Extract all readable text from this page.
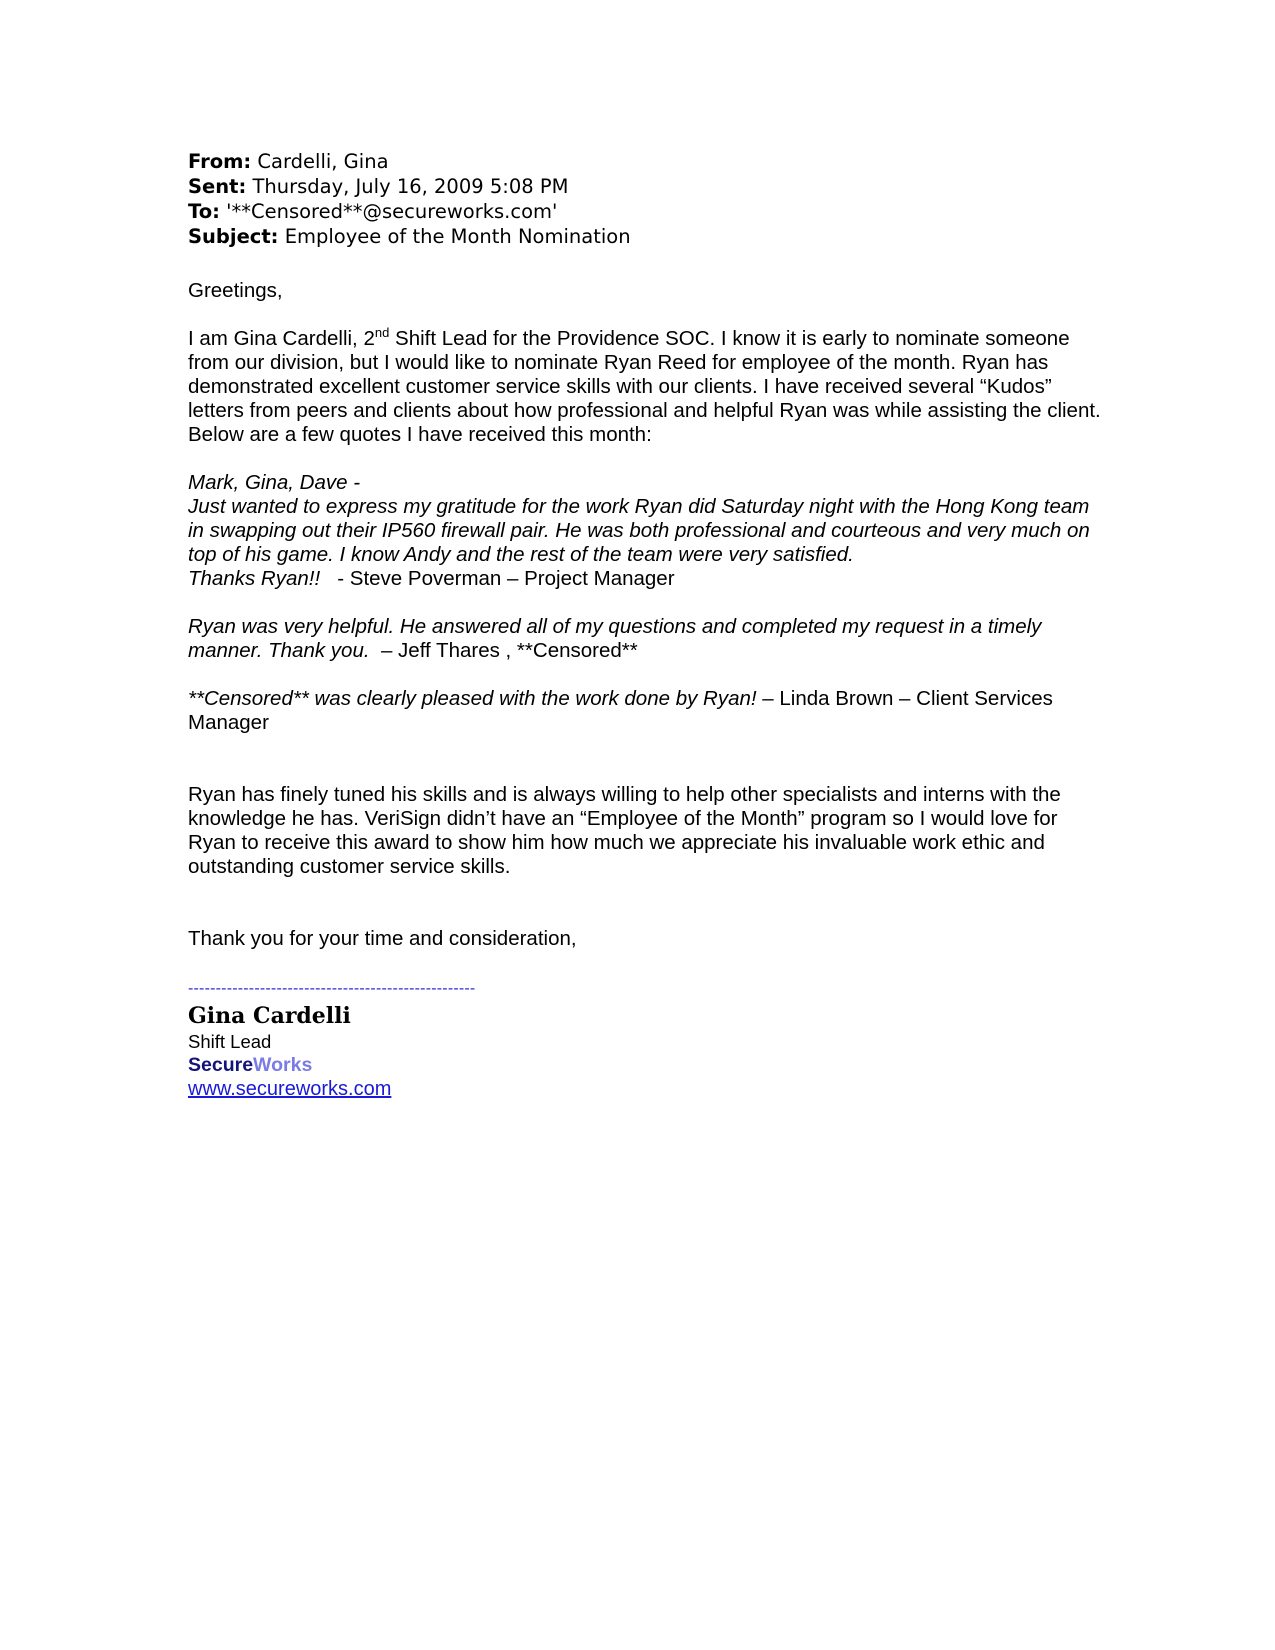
From: Cardelli, Gina
Sent: Thursday, July 16, 2009 5:08 PM
To: '**Censored**@secureworks.com'
Subject: Employee of the Month Nomination

Greetings,

I am Gina Cardelli, 2nd Shift Lead for the Providence SOC. I know it is early to nominate someone from our division, but I would like to nominate Ryan Reed for employee of the month. Ryan has demonstrated excellent customer service skills with our clients. I have received several “Kudos” letters from peers and clients about how professional and helpful Ryan was while assisting the client. Below are a few quotes I have received this month:

Mark, Gina, Dave -

Just wanted to express my gratitude for the work Ryan did Saturday night with the Hong Kong team in swapping out their IP560 firewall pair. He was both professional and courteous and very much on top of his game. I know Andy and the rest of the team were very satisfied.

Thanks Ryan!!   - Steve Poverman – Project Manager

Ryan was very helpful. He answered all of my questions and completed my request in a timely manner. Thank you.  – Jeff Thares , **Censored**

**Censored** was clearly pleased with the work done by Ryan! – Linda Brown – Client Services Manager

Ryan has finely tuned his skills and is always willing to help other specialists and interns with the knowledge he has. VeriSign didn’t have an “Employee of the Month” program so I would love for Ryan to receive this award to show him how much we appreciate his invaluable work ethic and outstanding customer service skills.

Thank you for your time and consideration,

----------------------------------------------------
Gina Cardelli
Shift Lead
SecureWorks
www.secureworks.com
